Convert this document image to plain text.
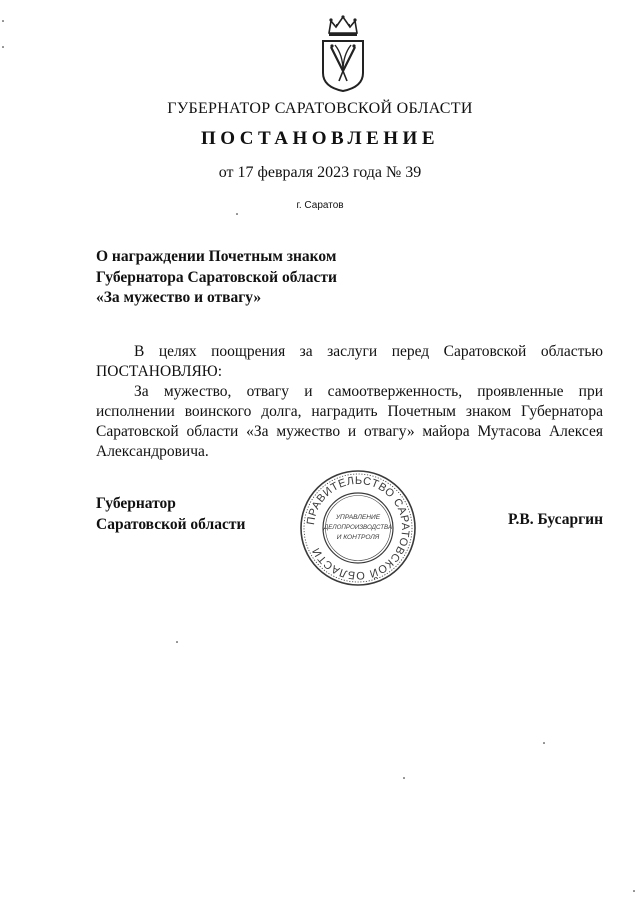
ГУБЕРНАТОР САРАТОВСКОЙ ОБЛАСТИ
ПОСТАНОВЛЕНИЕ
от 17 февраля 2023 года № 39
г. Саратов
О награждении Почетным знаком
Губернатора Саратовской области
«За мужество и отвагу»

В целях поощрения за заслуги перед Саратовской областью ПОСТАНОВЛЯЮ:

За мужество, отвагу и самоотверженность, проявленные при исполнении воинского долга, наградить Почетным знаком Губернатора Саратовской области «За мужество и отвагу» майора Мутасова Алексея Александровича.

Губернатор
Саратовской области	ПРАВИТЕЛЬСТВО САРАТОВСКОЙ ОБЛАСТИ
УПРАВЛЕНИЕ
ДЕЛОПРОИЗВОДСТВА
И КОНТРОЛЯ
Р.В. Бусаргин
